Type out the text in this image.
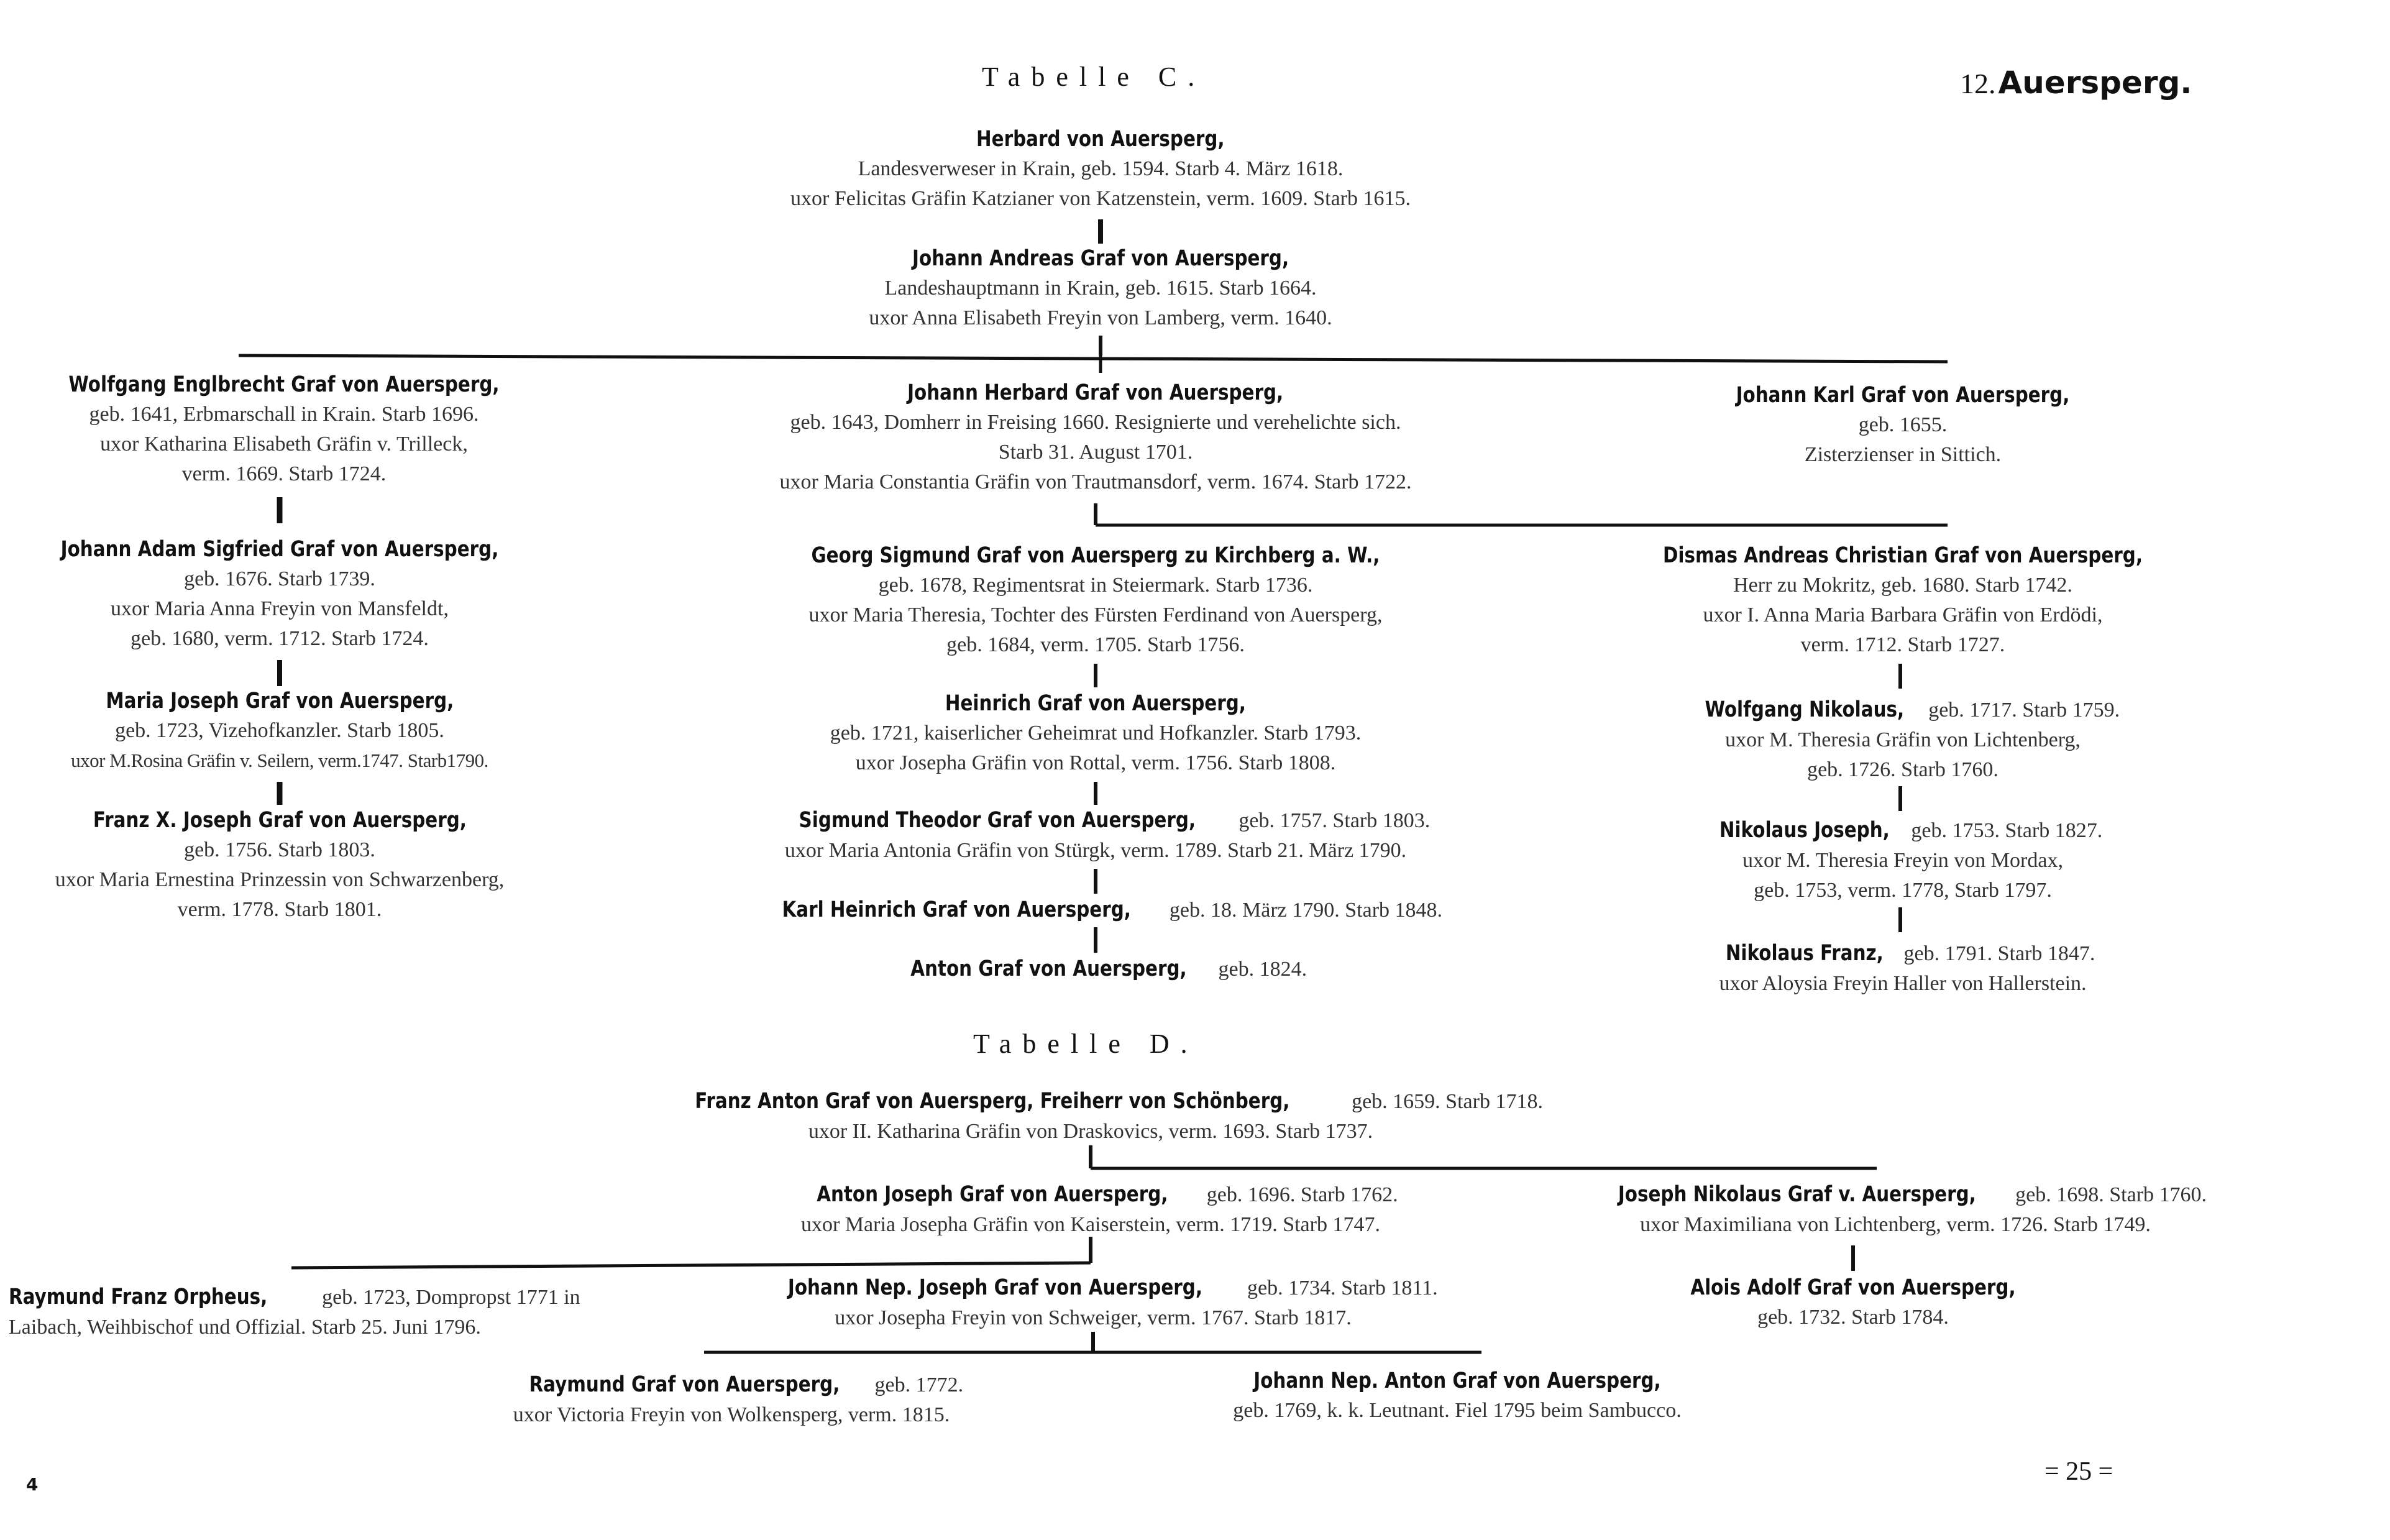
Tabelle C.	12. Auersperg.
Herbard von Auersperg,
Landesverweser in Krain, geb. 1594. Starb 4. März 1618.
uxor Felicitas Gräfin Katzianer von Katzenstein, verm. 1609. Starb 1615.
Johann Andreas Graf von Auersperg,
Landeshauptmann in Krain, geb. 1615. Starb 1664.
uxor Anna Elisabeth Freyin von Lamberg, verm. 1640.
Wolfgang Englbrecht Graf von Auersperg,
geb. 1641, Erbmarschall in Krain. Starb 1696.
uxor Katharina Elisabeth Gräfin v. Trilleck,
verm. 1669. Starb 1724.
Johann Herbard Graf von Auersperg,
geb. 1643, Domherr in Freising 1660. Resignierte und verehelichte sich.
Starb 31. August 1701.
uxor Maria Constantia Gräfin von Trautmansdorf, verm. 1674. Starb 1722.
Johann Karl Graf von Auersperg,
geb. 1655.
Zisterzienser in Sittich.
Johann Adam Sigfried Graf von Auersperg,
geb. 1676. Starb 1739.
uxor Maria Anna Freyin von Mansfeldt,
geb. 1680, verm. 1712. Starb 1724.
Georg Sigmund Graf von Auersperg zu Kirchberg a. W.,
geb. 1678, Regimentsrat in Steiermark. Starb 1736.
uxor Maria Theresia, Tochter des Fürsten Ferdinand von Auersperg,
geb. 1684, verm. 1705. Starb 1756.
Dismas Andreas Christian Graf von Auersperg,
Herr zu Mokritz, geb. 1680. Starb 1742.
uxor I. Anna Maria Barbara Gräfin von Erdödi,
verm. 1712. Starb 1727.
Maria Joseph Graf von Auersperg,
geb. 1723, Vizehofkanzler. Starb 1805.
uxor M.Rosina Gräfin v. Seilern, verm.1747. Starb1790.
Heinrich Graf von Auersperg,
geb. 1721, kaiserlicher Geheimrat und Hofkanzler. Starb 1793.
uxor Josepha Gräfin von Rottal, verm. 1756. Starb 1808.
Wolfgang Nikolaus, geb. 1717. Starb 1759.
uxor M. Theresia Gräfin von Lichtenberg,
geb. 1726. Starb 1760.
Franz X. Joseph Graf von Auersperg,
geb. 1756. Starb 1803.
uxor Maria Ernestina Prinzessin von Schwarzenberg,
verm. 1778. Starb 1801.
Sigmund Theodor Graf von Auersperg, geb. 1757. Starb 1803.
uxor Maria Antonia Gräfin von Stürgk, verm. 1789. Starb 21. März 1790.
Nikolaus Joseph, geb. 1753. Starb 1827.
uxor M. Theresia Freyin von Mordax,
geb. 1753, verm. 1778, Starb 1797.
Karl Heinrich Graf von Auersperg, geb. 18. März 1790. Starb 1848.
Nikolaus Franz, geb. 1791. Starb 1847.
uxor Aloysia Freyin Haller von Hallerstein.
Anton Graf von Auersperg, geb. 1824.
Tabelle D.
Franz Anton Graf von Auersperg, Freiherr von Schönberg,	geb. 1659. Starb 1718.
uxor II. Katharina Gräfin von Draskovics, verm. 1693. Starb 1737.
Anton Joseph Graf von Auersperg, geb. 1696. Starb 1762.
uxor Maria Josepha Gräfin von Kaiserstein, verm. 1719. Starb 1747.
Joseph Nikolaus Graf v. Auersperg, geb. 1698. Starb 1760.
uxor Maximiliana von Lichtenberg, verm. 1726. Starb 1749.
Raymund Franz Orpheus, geb. 1723, Dompropst 1771 in
Laibach, Weihbischof und Offizial. Starb 25. Juni 1796.
Johann Nep. Joseph Graf von Auersperg, geb. 1734. Starb 1811.
uxor Josepha Freyin von Schweiger, verm. 1767. Starb 1817.
Alois Adolf Graf von Auersperg,
geb. 1732. Starb 1784.
Raymund Graf von Auersperg, geb. 1772.
uxor Victoria Freyin von Wolkensperg, verm. 1815.
Johann Nep. Anton Graf von Auersperg,
geb. 1769, k. k. Leutnant. Fiel 1795 beim Sambucco.
= 25 =
4
